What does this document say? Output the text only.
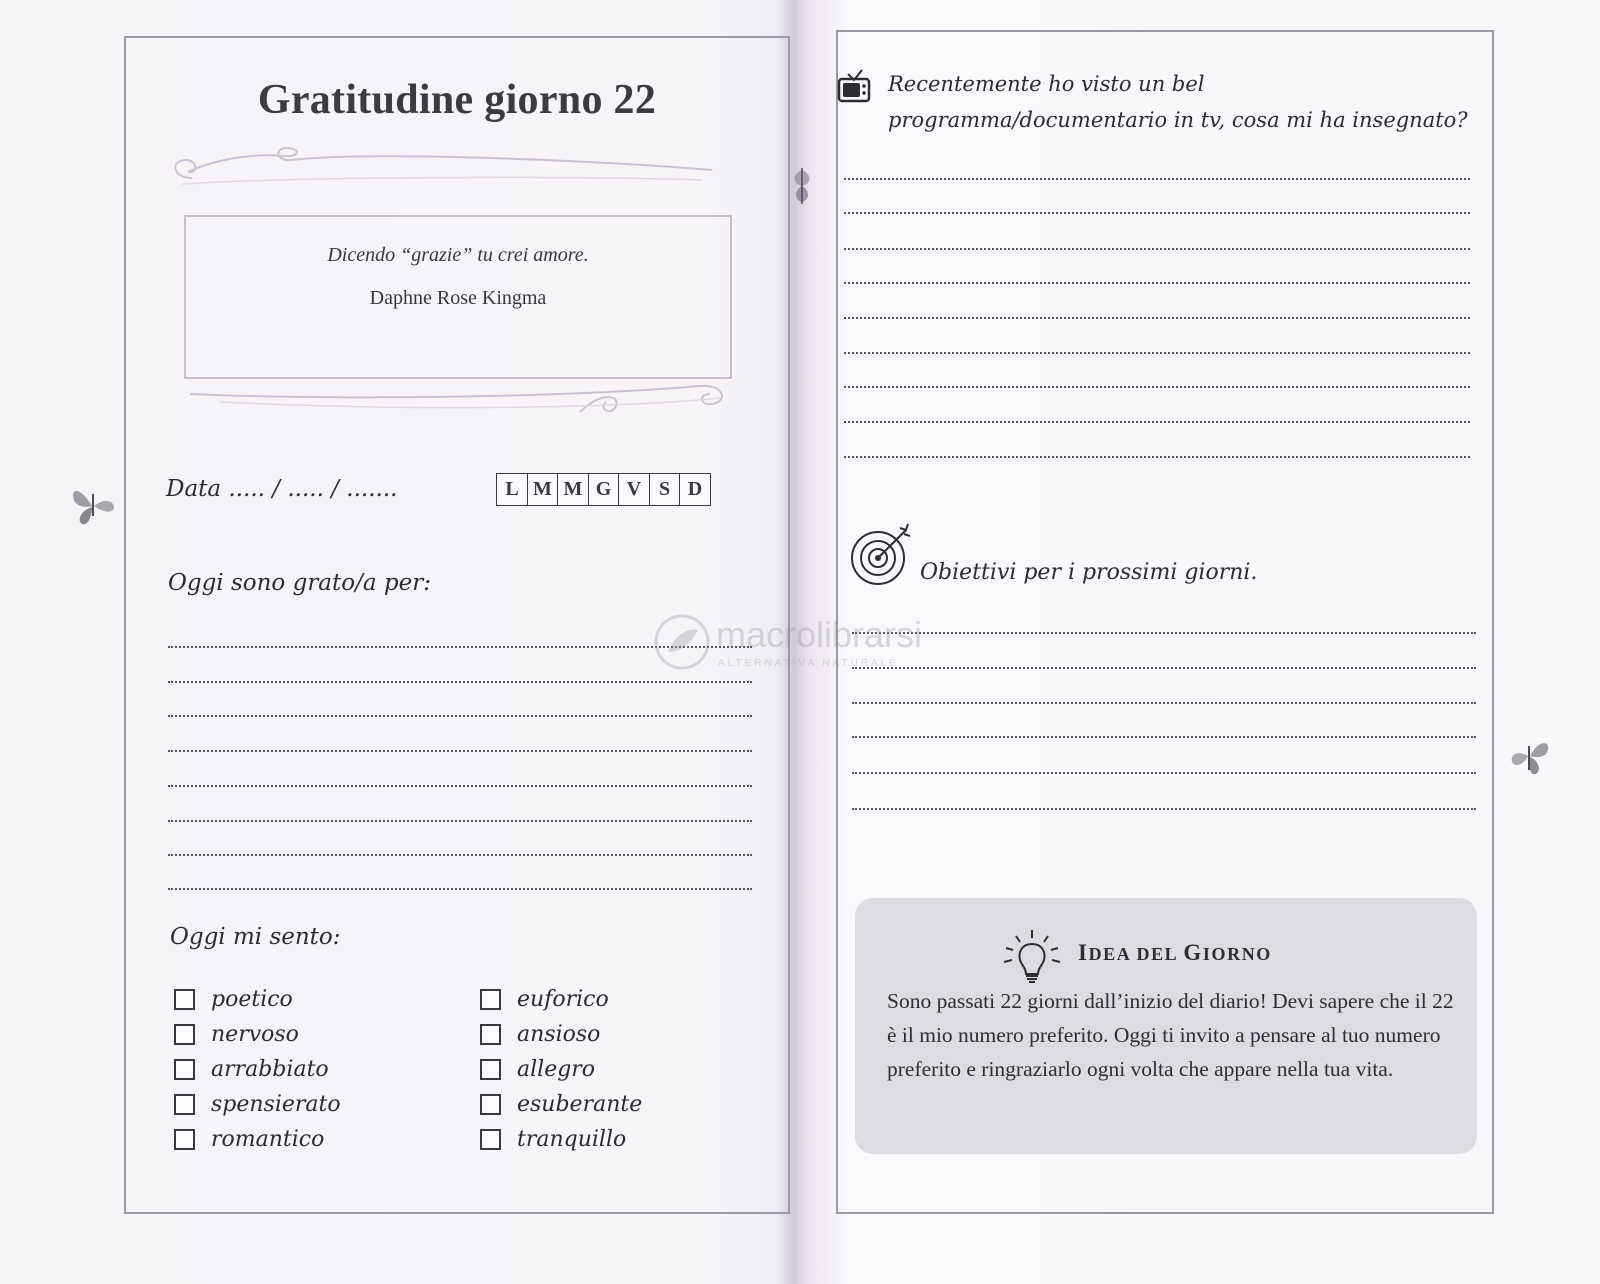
Gratitudine giorno 22
Dicendo “grazie” tu crei amore.
Daphne Rose Kingma
Data ..... / ..... / .......	L M M G V S D
Oggi sono grato/a per:
Oggi mi sento:
poetico
nervoso
arrabbiato
spensierato
romantico
euforico
ansioso
allegro
esuberante
tranquillo
Recentemente ho visto un bel programma/documentario in tv, cosa mi ha insegnato?
Obiettivi per i prossimi giorni.
IDEA DEL GIORNO
Sono passati 22 giorni dall’inizio del diario! Devi sapere che il 22 è il mio numero preferito. Oggi ti invito a pensare al tuo numero preferito e ringraziarlo ogni volta che appare nella tua vita.
macrolibrarsi
ALTERNATIVA NATURALE
